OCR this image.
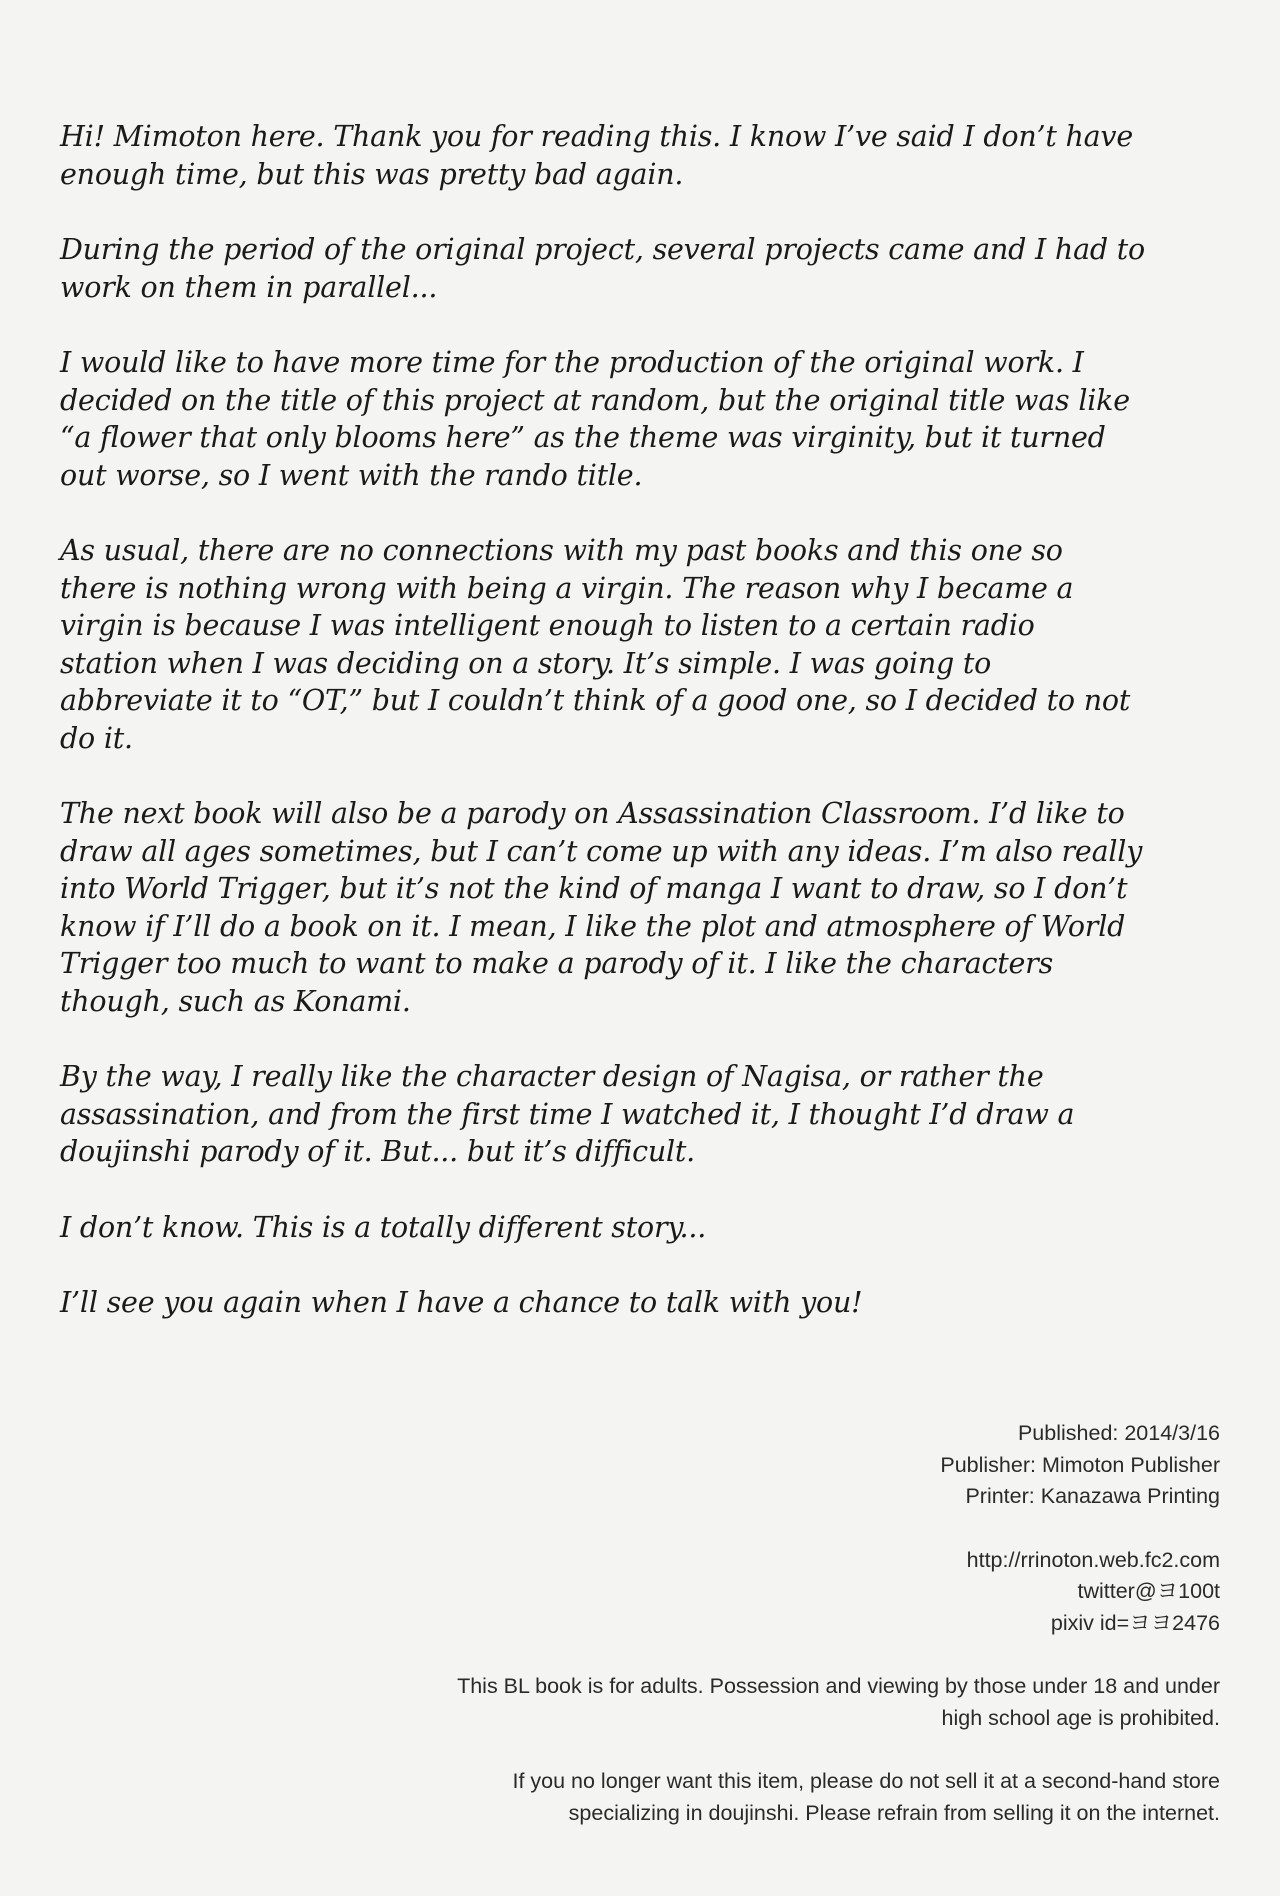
Hi! Mimoton here. Thank you for reading this. I know I’ve said I don’t have
enough time, but this was pretty bad again.

During the period of the original project, several projects came and I had to
work on them in parallel...

I would like to have more time for the production of the original work. I
decided on the title of this project at random, but the original title was like
“a flower that only blooms here” as the theme was virginity, but it turned
out worse, so I went with the rando title.

As usual, there are no connections with my past books and this one so
there is nothing wrong with being a virgin. The reason why I became a
virgin is because I was intelligent enough to listen to a certain radio
station when I was deciding on a story. It’s simple. I was going to
abbreviate it to “OT,” but I couldn’t think of a good one, so I decided to not
do it.

The next book will also be a parody on Assassination Classroom. I’d like to
draw all ages sometimes, but I can’t come up with any ideas. I’m also really
into World Trigger, but it’s not the kind of manga I want to draw, so I don’t
know if I’ll do a book on it. I mean, I like the plot and atmosphere of World
Trigger too much to want to make a parody of it. I like the characters
though, such as Konami.

By the way, I really like the character design of Nagisa, or rather the
assassination, and from the first time I watched it, I thought I’d draw a
doujinshi parody of it. But... but it’s difficult.

I don’t know. This is a totally different story...

I’ll see you again when I have a chance to talk with you!

Published: 2014/3/16
Publisher: Mimoton Publisher
Printer: Kanazawa Printing
http://rrinoton.web.fc2.com
twitter@ヨ100t
pixiv id=ヨヨ2476
This BL book is for adults. Possession and viewing by those under 18 and under
high school age is prohibited.
If you no longer want this item, please do not sell it at a second-hand store
specializing in doujinshi. Please refrain from selling it on the internet.
